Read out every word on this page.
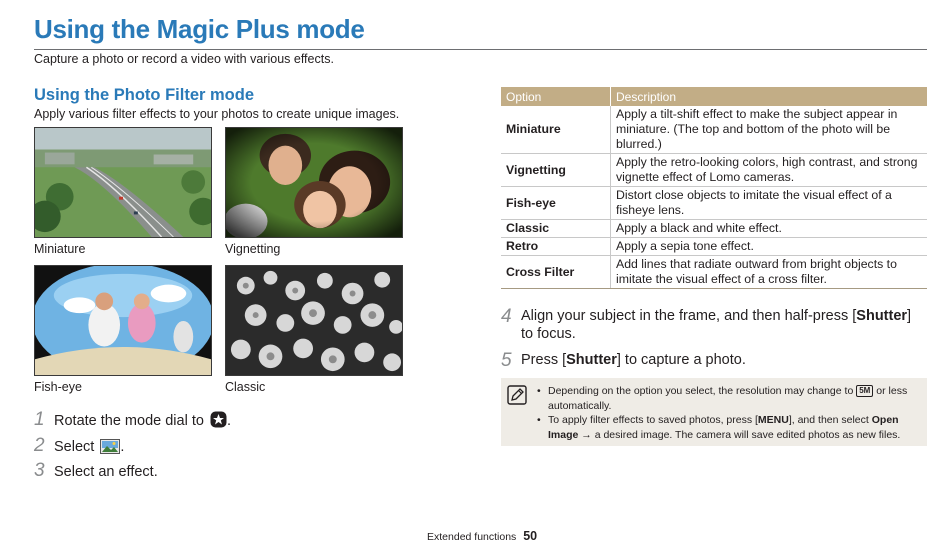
Using the Magic Plus mode
Capture a photo or record a video with various effects.
Using the Photo Filter mode
Apply various filter effects to your photos to create unique images.
Miniature	Vignetting
Fish-eye	Classic
1 Rotate the mode dial to .
2 Select .
3 Select an effect.
Option	Description
Miniature	Apply a tilt-shift effect to make the subject appear in miniature. (The top and bottom of the photo will be blurred.)
Vignetting	Apply the retro-looking colors, high contrast, and strong vignette effect of Lomo cameras.
Fish-eye	Distort close objects to imitate the visual effect of a fisheye lens.
Classic	Apply a black and white effect.
Retro	Apply a sepia tone effect.
Cross Filter	Add lines that radiate outward from bright objects to imitate the visual effect of a cross filter.
4 Align your subject in the frame, and then half-press [Shutter] to focus.
5 Press [Shutter] to capture a photo.
• Depending on the option you select, the resolution may change to 5M or less automatically.
• To apply filter effects to saved photos, press [MENU], and then select Open Image → a desired image. The camera will save edited photos as new files.
Extended functions 50
